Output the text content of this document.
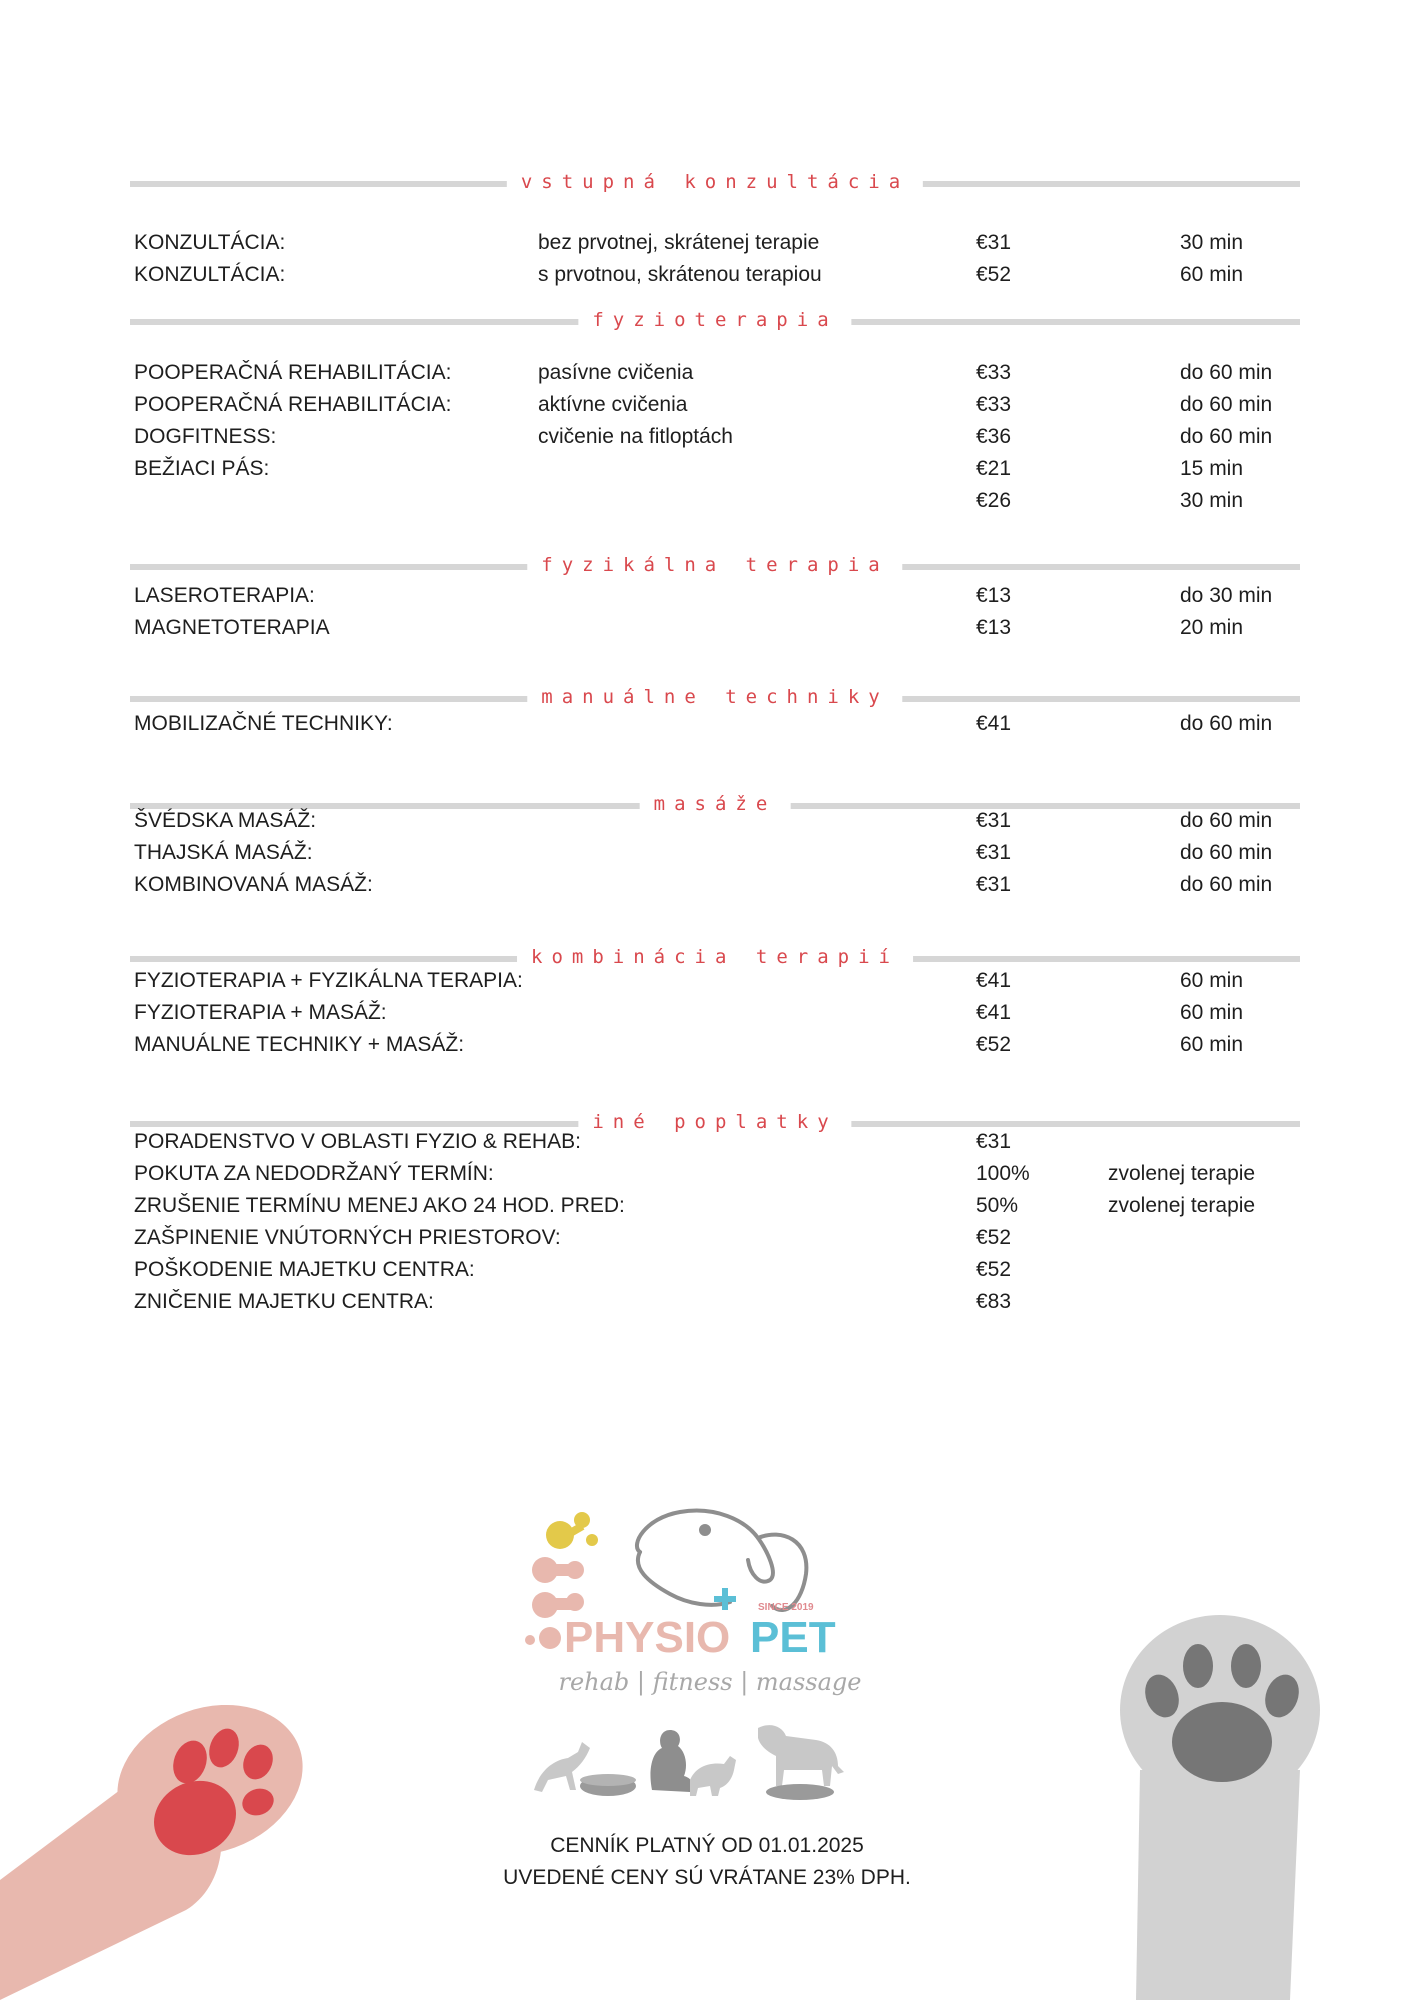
vstupná konzultácia
KONZULTÁCIA:	bez prvotnej, skrátenej terapie	€31	30 min
KONZULTÁCIA:	s prvotnou, skrátenou terapiou	€52	60 min
fyzioterapia
POOPERAČNÁ REHABILITÁCIA:	pasívne cvičenia	€33	do 60 min
POOPERAČNÁ REHABILITÁCIA:	aktívne cvičenia	€33	do 60 min
DOGFITNESS:	cvičenie na fitloptách	€36	do 60 min
BEŽIACI PÁS:	€21	15 min
€26	30 min
fyzikálna terapia
LASEROTERAPIA:	€13	do 30 min
MAGNETOTERAPIA	€13	20 min
manuálne techniky
MOBILIZAČNÉ TECHNIKY:	€41	do 60 min
masáže
ŠVÉDSKA MASÁŽ:	€31	do 60 min
THAJSKÁ MASÁŽ:	€31	do 60 min
KOMBINOVANÁ MASÁŽ:	€31	do 60 min
kombinácia terapií
FYZIOTERAPIA + FYZIKÁLNA TERAPIA:	€41	60 min
FYZIOTERAPIA + MASÁŽ:	€41	60 min
MANUÁLNE TECHNIKY + MASÁŽ:	€52	60 min
iné poplatky
PORADENSTVO V OBLASTI FYZIO & REHAB:	€31
POKUTA ZA NEDODRŽANÝ TERMÍN:	100%	zvolenej terapie
ZRUŠENIE TERMÍNU MENEJ AKO 24 HOD. PRED:	50%	zvolenej terapie
ZAŠPINENIE VNÚTORNÝCH PRIESTOROV:	€52
POŠKODENIE MAJETKU CENTRA:	€52
ZNIČENIE MAJETKU CENTRA:	€83
SINCE 2019
PHYSIO PET
rehab | fitness | massage
CENNÍK PLATNÝ OD 01.01.2025
UVEDENÉ CENY SÚ VRÁTANE 23% DPH.
